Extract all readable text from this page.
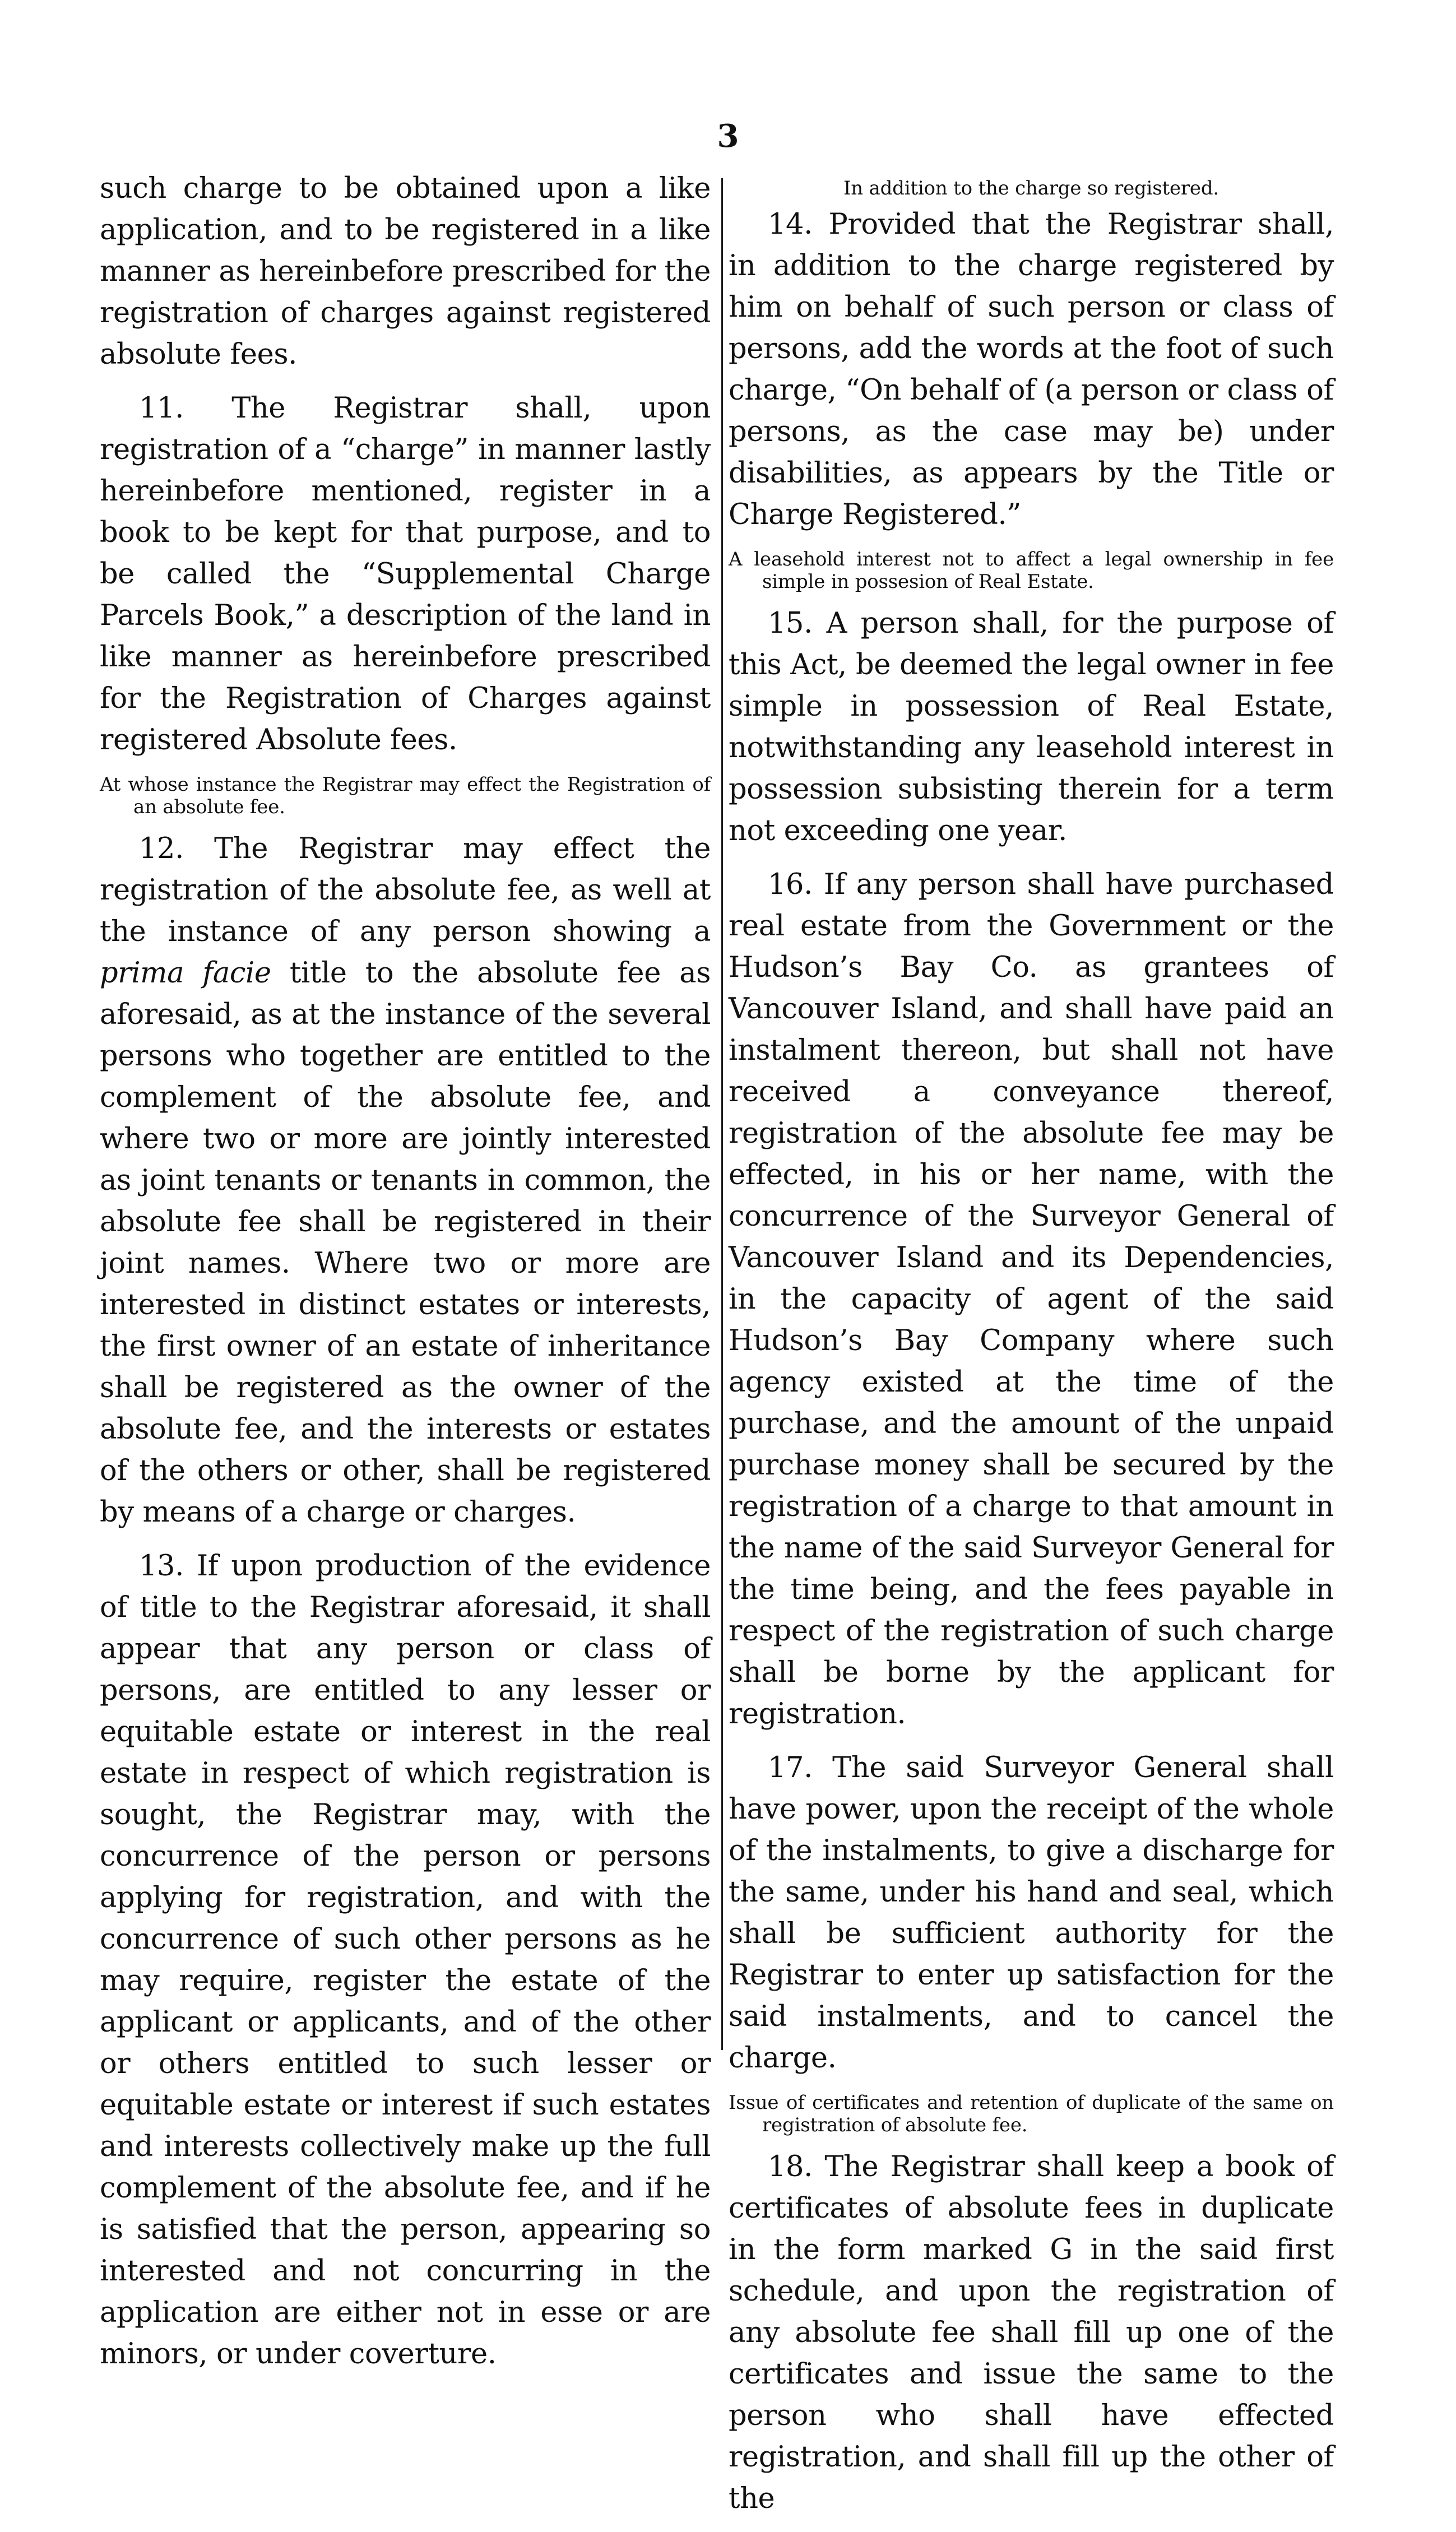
3

such charge to be obtained upon a like application, and to be registered in a like manner as hereinbefore prescribed for the registration of charges against registered absolute fees.

11. The Registrar shall, upon registration of a “charge” in manner lastly hereinbefore mentioned, register in a book to be kept for that purpose, and to be called the “Supplemental Charge Parcels Book,” a description of the land in like manner as hereinbefore prescribed for the Registration of Charges against registered Absolute fees.

At whose instance the Registrar may effect the Registration of an absolute fee.

12. The Registrar may effect the registration of the absolute fee, as well at the instance of any person showing a prima facie title to the absolute fee as aforesaid, as at the instance of the several persons who together are entitled to the complement of the absolute fee, and where two or more are jointly interested as joint tenants or tenants in common, the absolute fee shall be registered in their joint names. Where two or more are interested in distinct estates or interests, the first owner of an estate of inheritance shall be registered as the owner of the absolute fee, and the interests or estates of the others or other, shall be registered by means of a charge or charges.

13. If upon production of the evidence of title to the Registrar aforesaid, it shall appear that any person or class of persons, are entitled to any lesser or equitable estate or interest in the real estate in respect of which registration is sought, the Registrar may, with the concurrence of the person or persons applying for registration, and with the concurrence of such other persons as he may require, register the estate of the applicant or applicants, and of the other or others entitled to such lesser or equitable estate or interest if such estates and interests collectively make up the full complement of the absolute fee, and if he is satisfied that the person, appearing so interested and not concurring in the application are either not in esse or are minors, or under coverture.

In addition to the charge so registered.

14. Provided that the Registrar shall, in addition to the charge registered by him on behalf of such person or class of persons, add the words at the foot of such charge, “On behalf of (a person or class of persons, as the case may be) under disabilities, as appears by the Title or Charge Registered.”

A leasehold interest not to affect a legal ownership in fee simple in possesion of Real Estate.

15. A person shall, for the purpose of this Act, be deemed the legal owner in fee simple in possession of Real Estate, notwithstanding any leasehold interest in possession subsisting therein for a term not exceeding one year.

16. If any person shall have purchased real estate from the Government or the Hudson’s Bay Co. as grantees of Vancouver Island, and shall have paid an instalment thereon, but shall not have received a conveyance thereof, registration of the absolute fee may be effected, in his or her name, with the concurrence of the Surveyor General of Vancouver Island and its Dependencies, in the capacity of agent of the said Hudson’s Bay Company where such agency existed at the time of the purchase, and the amount of the unpaid purchase money shall be secured by the registration of a charge to that amount in the name of the said Surveyor General for the time being, and the fees payable in respect of the registration of such charge shall be borne by the applicant for registration.

17. The said Surveyor General shall have power, upon the receipt of the whole of the instalments, to give a discharge for the same, under his hand and seal, which shall be sufficient authority for the Registrar to enter up satisfaction for the said instalments, and to cancel the charge.

Issue of certificates and retention of duplicate of the same on registration of absolute fee.

18. The Registrar shall keep a book of certificates of absolute fees in duplicate in the form marked G in the said first schedule, and upon the registration of any absolute fee shall fill up one of the certificates and issue the same to the person who shall have effected registration, and shall fill up the other of the
